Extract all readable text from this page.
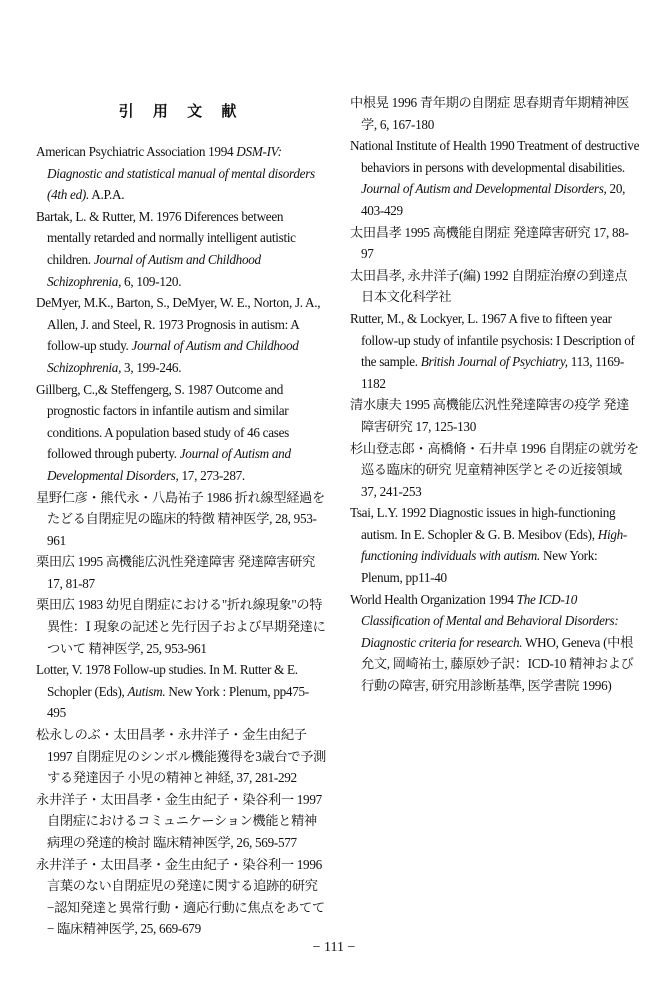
引 用 文 献

American Psychiatric Association 1994 DSM-IV: Diagnostic and statistical manual of mental disorders (4th ed). A.P.A.

Bartak, L. & Rutter, M. 1976 Diferences between mentally retarded and normally intelligent autistic children. Journal of Autism and Childhood Schizophrenia, 6, 109-120.

DeMyer, M.K., Barton, S., DeMyer, W. E., Norton, J. A., Allen, J. and Steel, R. 1973 Prognosis in autism: A follow-up study. Journal of Autism and Childhood Schizophrenia, 3, 199-246.

Gillberg, C.,& Steffengerg, S. 1987 Outcome and prognostic factors in infantile autism and similar conditions. A population based study of 46 cases followed through puberty. Journal of Autism and Developmental Disorders, 17, 273-287.

星野仁彦・熊代永・八島祐子 1986 折れ線型経過をたどる自閉症児の臨床的特徴 精神医学, 28, 953-961

栗田広 1995 高機能広汎性発達障害 発達障害研究 17, 81-87

栗田広 1983 幼児自閉症における"折れ線現象"の特異性：Ⅰ 現象の記述と先行因子および早期発達について 精神医学, 25, 953-961

Lotter, V. 1978 Follow-up studies. In M. Rutter & E. Schopler (Eds), Autism. New York : Plenum, pp475-495

松永しのぶ・太田昌孝・永井洋子・金生由紀子 1997 自閉症児のシンボル機能獲得を3歳台で予測する発達因子 小児の精神と神経, 37, 281-292

永井洋子・太田昌孝・金生由紀子・染谷利一 1997 自閉症におけるコミュニケーション機能と精神病理の発達的検討 臨床精神医学, 26, 569-577

永井洋子・太田昌孝・金生由紀子・染谷利一 1996 言葉のない自閉症児の発達に関する追跡的研究 −認知発達と異常行動・適応行動に焦点をあてて− 臨床精神医学, 25, 669-679

中根晃 1996 青年期の自閉症 思春期青年期精神医学, 6, 167-180

National Institute of Health 1990 Treatment of destructive behaviors in persons with developmental disabilities. Journal of Autism and Developmental Disorders, 20, 403-429

太田昌孝 1995 高機能自閉症 発達障害研究 17, 88-97

太田昌孝, 永井洋子(編) 1992 自閉症治療の到達点 日本文化科学社

Rutter, M., & Lockyer, L. 1967 A five to fifteen year follow-up study of infantile psychosis: I Description of the sample. British Journal of Psychiatry, 113, 1169-1182

清水康夫 1995 高機能広汎性発達障害の疫学 発達障害研究 17, 125-130

杉山登志郎・高橋脩・石井卓 1996 自閉症の就労を巡る臨床的研究 児童精神医学とその近接領域 37, 241-253

Tsai, L.Y. 1992 Diagnostic issues in high-functioning autism. In E. Schopler & G. B. Mesibov (Eds), High-functioning individuals with autism. New York: Plenum, pp11-40

World Health Organization 1994 The ICD-10 Classification of Mental and Behavioral Disorders: Diagnostic criteria for research. WHO, Geneva (中根允文, 岡崎祐士, 藤原妙子訳：ICD-10 精神および行動の障害, 研究用診断基準, 医学書院 1996)

− 111 −
